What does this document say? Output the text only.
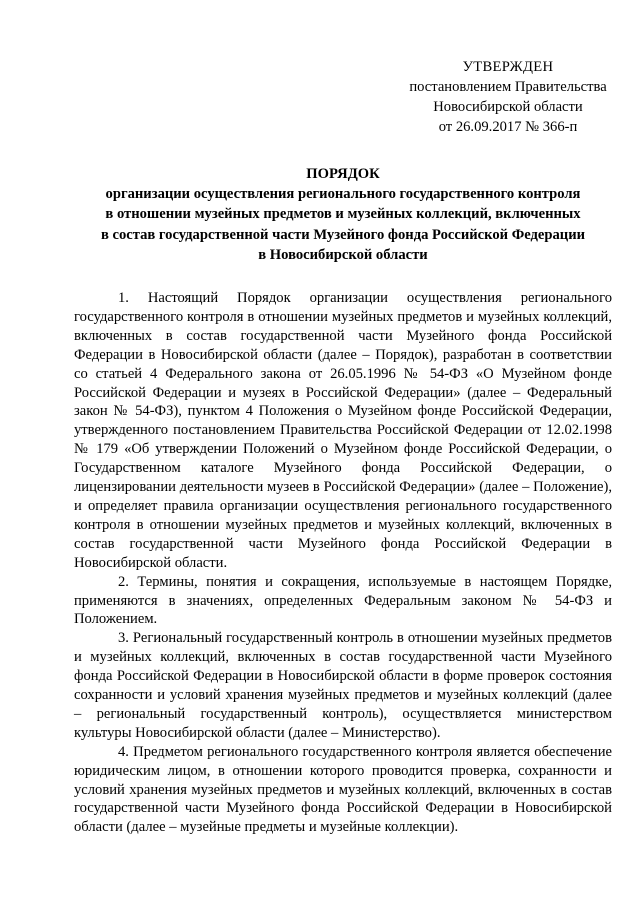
УТВЕРЖДЕН
постановлением Правительства
Новосибирской области
от 26.09.2017 № 366-п
ПОРЯДОК
организации осуществления регионального государственного контроля
в отношении музейных предметов и музейных коллекций, включенных
в состав государственной части Музейного фонда Российской Федерации
в Новосибирской области

1. Настоящий Порядок организации осуществления регионального государственного контроля в отношении музейных предметов и музейных коллекций, включенных в состав государственной части Музейного фонда Российской Федерации в Новосибирской области (далее – Порядок), разработан в соответствии со статьей 4 Федерального закона от 26.05.1996 № 54-ФЗ «О Музейном фонде Российской Федерации и музеях в Российской Федерации» (далее – Федеральный закон № 54-ФЗ), пунктом 4 Положения о Музейном фонде Российской Федерации, утвержденного постановлением Правительства Российской Федерации от 12.02.1998 № 179 «Об утверждении Положений о Музейном фонде Российской Федерации, о Государственном каталоге Музейного фонда Российской Федерации, о лицензировании деятельности музеев в Российской Федерации» (далее – Положение), и определяет правила организации осуществления регионального государственного контроля в отношении музейных предметов и музейных коллекций, включенных в состав государственной части Музейного фонда Российской Федерации в Новосибирской области.

2. Термины, понятия и сокращения, используемые в настоящем Порядке, применяются в значениях, определенных Федеральным законом № 54-ФЗ и Положением.

3. Региональный государственный контроль в отношении музейных предметов и музейных коллекций, включенных в состав государственной части Музейного фонда Российской Федерации в Новосибирской области в форме проверок состояния сохранности и условий хранения музейных предметов и музейных коллекций (далее – региональный государственный контроль), осуществляется министерством культуры Новосибирской области (далее – Министерство).

4. Предметом регионального государственного контроля является обеспечение юридическим лицом, в отношении которого проводится проверка, сохранности и условий хранения музейных предметов и музейных коллекций, включенных в состав государственной части Музейного фонда Российской Федерации в Новосибирской области (далее – музейные предметы и музейные коллекции).
